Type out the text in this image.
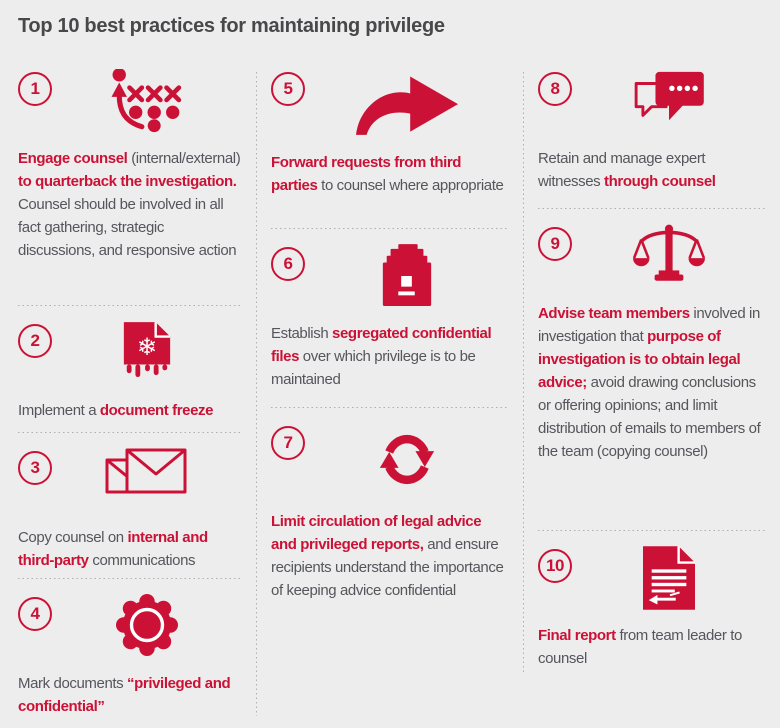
Top 10 best practices for maintaining privilege
1

Engage counsel (internal/​external) to quarterback the investigation. Counsel should be involved in all fact gathering, strategic discussions, and responsive action

2	❄

Implement a document freeze

3

Copy counsel on internal and third-party communications

4

Mark documents “privileged and confidential”

5

Forward requests from third parties to counsel where appropriate

6

Establish segregated confidential files over which privilege is to be maintained

7

Limit circulation of legal advice and privileged reports, and ensure recipients understand the importance of keeping advice confidential

8

Retain and manage expert witnesses through counsel

9

Advise team members involved in investigation that purpose of investigation is to obtain legal advice; avoid drawing conclusions or offering opinions; and limit distribution of emails to members of the team (copying counsel)

10

Final report from team leader to counsel
